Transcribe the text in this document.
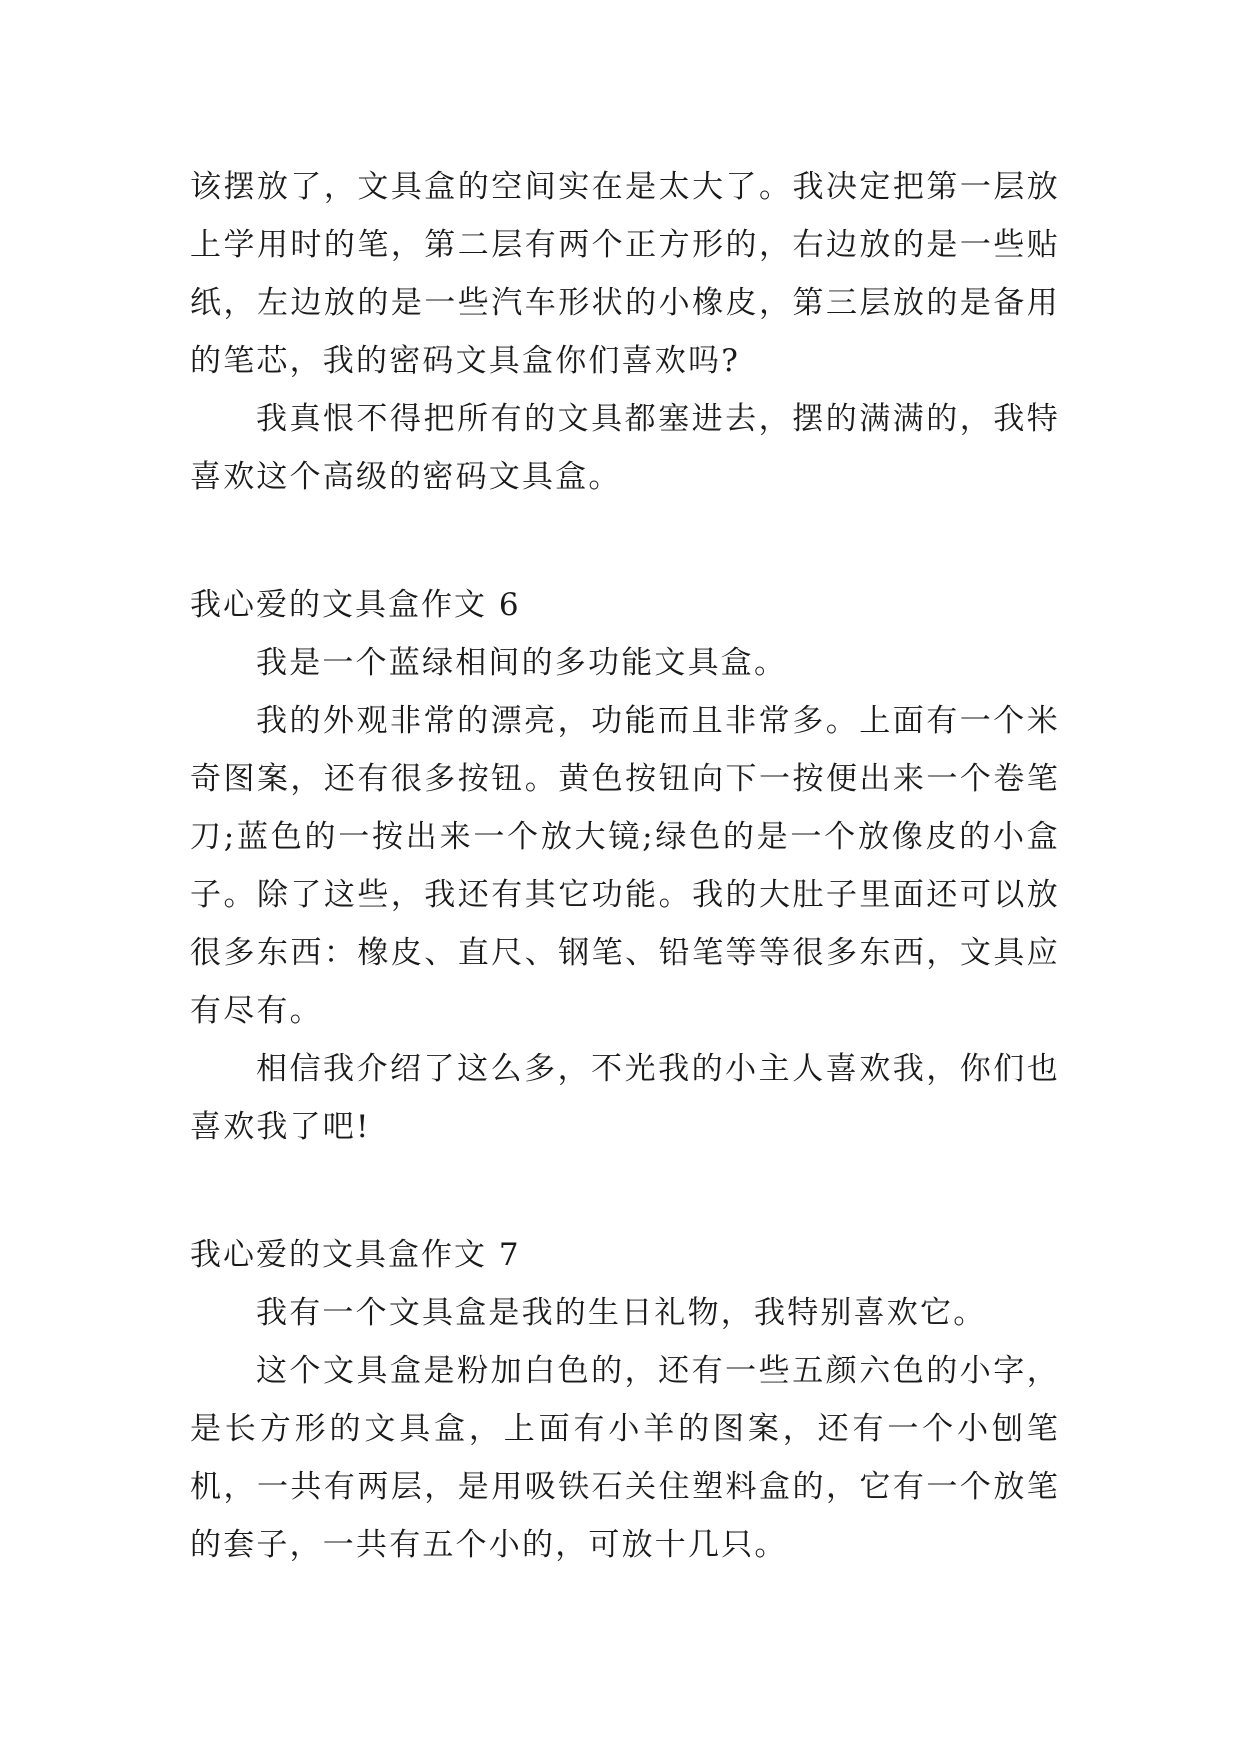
该摆放了，文具盒的空间实在是太大了。我决定把第一层放上学用时的笔，第二层有两个正方形的，右边放的是一些贴纸，左边放的是一些汽车形状的小橡皮，第三层放的是备用的笔芯，我的密码文具盒你们喜欢吗?

我真恨不得把所有的文具都塞进去，摆的满满的，我特喜欢这个高级的密码文具盒。

我心爱的文具盒作文 6

我是一个蓝绿相间的多功能文具盒。

我的外观非常的漂亮，功能而且非常多。上面有一个米奇图案，还有很多按钮。黄色按钮向下一按便出来一个卷笔刀;蓝色的一按出来一个放大镜;绿色的是一个放像皮的小盒子。除了这些，我还有其它功能。我的大肚子里面还可以放很多东西：橡皮、直尺、钢笔、铅笔等等很多东西，文具应有尽有。

相信我介绍了这么多，不光我的小主人喜欢我，你们也喜欢我了吧!

我心爱的文具盒作文 7

我有一个文具盒是我的生日礼物，我特别喜欢它。

这个文具盒是粉加白色的，还有一些五颜六色的小字，是长方形的文具盒，上面有小羊的图案，还有一个小刨笔机，一共有两层，是用吸铁石关住塑料盒的，它有一个放笔的套子，一共有五个小的，可放十几只。
